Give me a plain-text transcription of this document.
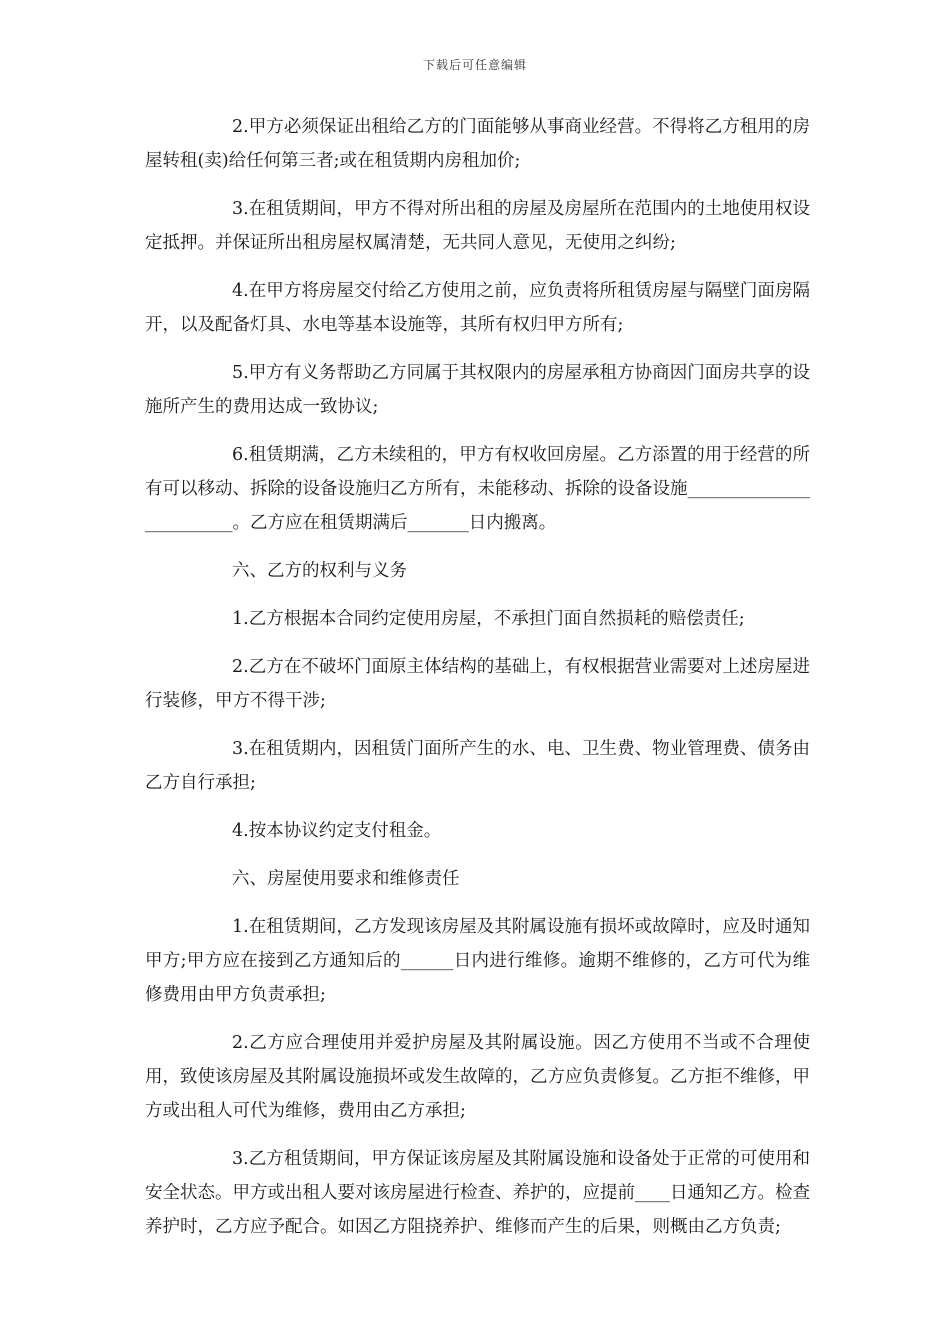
下载后可任意编辑

2.甲方必须保证出租给乙方的门面能够从事商业经营。不得将乙方租用的房屋转租(卖)给任何第三者;或在租赁期内房租加价;

3.在租赁期间，甲方不得对所出租的房屋及房屋所在范围内的土地使用权设定抵押。并保证所出租房屋权属清楚，无共同人意见，无使用之纠纷;

4.在甲方将房屋交付给乙方使用之前，应负责将所租赁房屋与隔壁门面房隔开，以及配备灯具、水电等基本设施等，其所有权归甲方所有;

5.甲方有义务帮助乙方同属于其权限内的房屋承租方协商因门面房共享的设施所产生的费用达成一致协议;

6.租赁期满，乙方未续租的，甲方有权收回房屋。乙方添置的用于经营的所有可以移动、拆除的设备设施归乙方所有，未能移动、拆除的设备设施________________________。乙方应在租赁期满后_______日内搬离。

六、乙方的权利与义务

1.乙方根据本合同约定使用房屋，不承担门面自然损耗的赔偿责任;

2.乙方在不破坏门面原主体结构的基础上，有权根据营业需要对上述房屋进行装修，甲方不得干涉;

3.在租赁期内，因租赁门面所产生的水、电、卫生费、物业管理费、债务由乙方自行承担;

4.按本协议约定支付租金。

六、房屋使用要求和维修责任

1.在租赁期间，乙方发现该房屋及其附属设施有损坏或故障时，应及时通知甲方;甲方应在接到乙方通知后的______日内进行维修。逾期不维修的，乙方可代为维修费用由甲方负责承担;

2.乙方应合理使用并爱护房屋及其附属设施。因乙方使用不当或不合理使用，致使该房屋及其附属设施损坏或发生故障的，乙方应负责修复。乙方拒不维修，甲方或出租人可代为维修，费用由乙方承担;

3.乙方租赁期间，甲方保证该房屋及其附属设施和设备处于正常的可使用和安全状态。甲方或出租人要对该房屋进行检查、养护的，应提前____日通知乙方。检查养护时，乙方应予配合。如因乙方阻挠养护、维修而产生的后果，则概由乙方负责;
